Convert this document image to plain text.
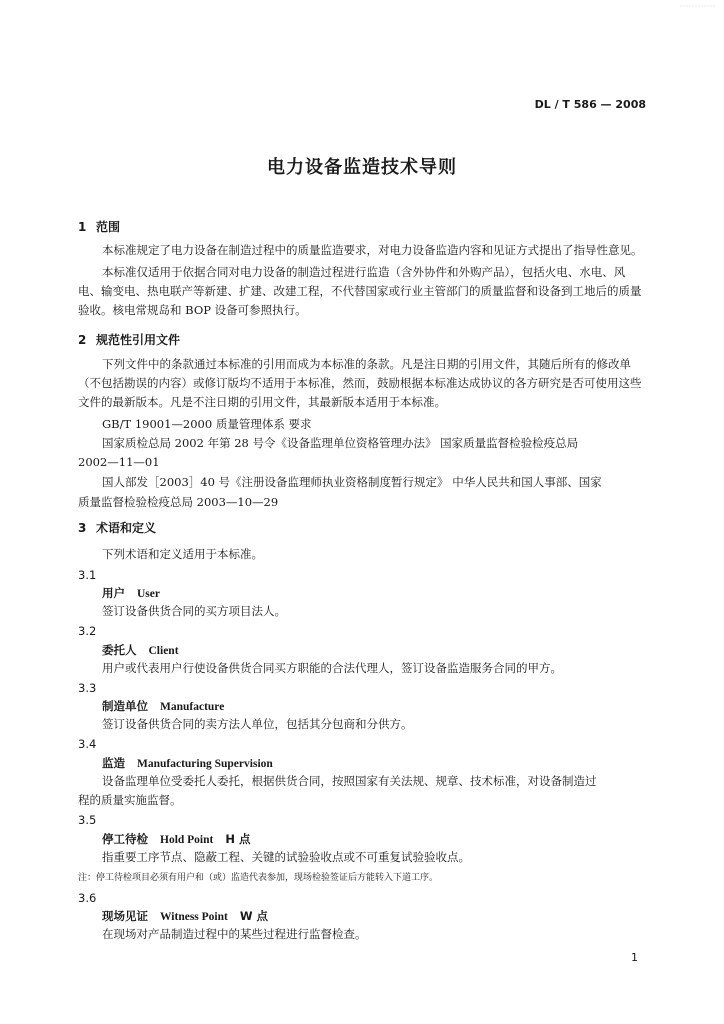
DL / T 586 — 2008
电力设备监造技术导则
1 范围
本标准规定了电力设备在制造过程中的质量监造要求，对电力设备监造内容和见证方式提出了指导性意见。
本标准仅适用于依据合同对电力设备的制造过程进行监造（含外协件和外购产品），包括火电、水电、风电、输变电、热电联产等新建、扩建、改建工程，不代替国家或行业主管部门的质量监督和设备到工地后的质量验收。核电常规岛和 BOP 设备可参照执行。
2 规范性引用文件
下列文件中的条款通过本标准的引用而成为本标准的条款。凡是注日期的引用文件，其随后所有的修改单（不包括勘误的内容）或修订版均不适用于本标准，然而，鼓励根据本标准达成协议的各方研究是否可使用这些文件的最新版本。凡是不注日期的引用文件，其最新版本适用于本标准。
GB/T 19001—2000 质量管理体系 要求
国家质检总局 2002 年第 28 号令《设备监理单位资格管理办法》 国家质量监督检验检疫总局
2002—11—01
国人部发［2003］40 号《注册设备监理师执业资格制度暂行规定》 中华人民共和国人事部、国家
质量监督检验检疫总局 2003—10—29
3 术语和定义
下列术语和定义适用于本标准。
3.1
用户 User
签订设备供货合同的买方项目法人。
3.2
委托人 Client
用户或代表用户行使设备供货合同买方职能的合法代理人，签订设备监造服务合同的甲方。
3.3
制造单位 Manufacture
签订设备供货合同的卖方法人单位，包括其分包商和分供方。
3.4
监造 Manufacturing Supervision
设备监理单位受委托人委托，根据供货合同，按照国家有关法规、规章、技术标准，对设备制造过
程的质量实施监督。
3.5
停工待检 Hold Point H 点
指重要工序节点、隐蔽工程、关键的试验验收点或不可重复试验验收点。
注：停工待检项目必须有用户和（或）监造代表参加，现场检验签证后方能转入下道工序。
3.6
现场见证 Witness Point W 点
在现场对产品制造过程中的某些过程进行监督检查。
1
